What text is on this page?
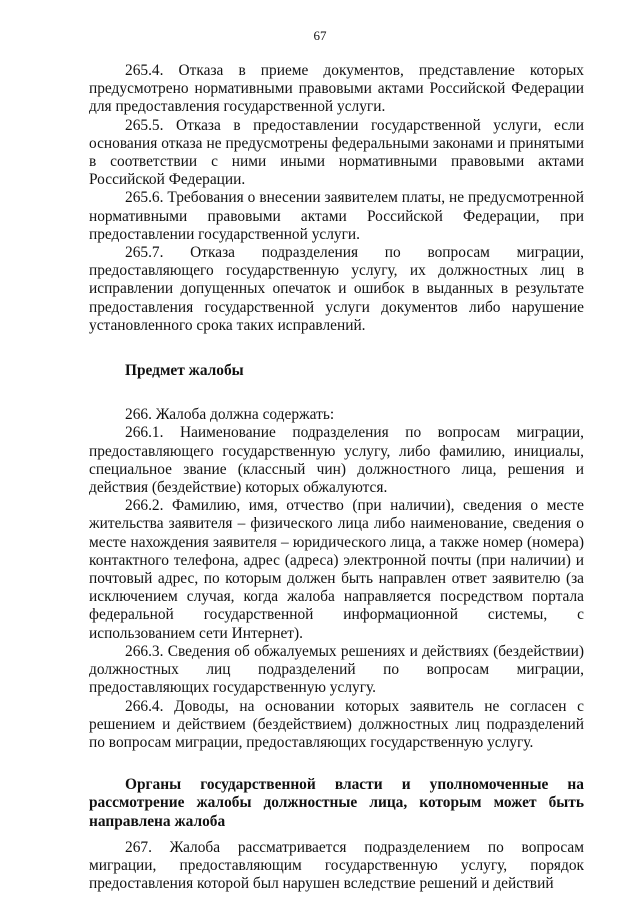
67

265.4. Отказа в приеме документов, представление которых предусмотрено нормативными правовыми актами Российской Федерации для предоставления государственной услуги.

265.5. Отказа в предоставлении государственной услуги, если основания отказа не предусмотрены федеральными законами и принятыми в соответствии с ними иными нормативными правовыми актами Российской Федерации.

265.6. Требования о внесении заявителем платы, не предусмотренной нормативными правовыми актами Российской Федерации, при предоставлении государственной услуги.

265.7. Отказа подразделения по вопросам миграции, предоставляющего государственную услугу, их должностных лиц в исправлении допущенных опечаток и ошибок в выданных в результате предоставления государственной услуги документов либо нарушение установленного срока таких исправлений.

Предмет жалобы

266. Жалоба должна содержать:

266.1. Наименование подразделения по вопросам миграции, предоставляющего государственную услугу, либо фамилию, инициалы, специальное звание (классный чин) должностного лица, решения и действия (бездействие) которых обжалуются.

266.2. Фамилию, имя, отчество (при наличии), сведения о месте жительства заявителя – физического лица либо наименование, сведения о месте нахождения заявителя – юридического лица, а также номер (номера) контактного телефона, адрес (адреса) электронной почты (при наличии) и почтовый адрес, по которым должен быть направлен ответ заявителю (за исключением случая, когда жалоба направляется посредством портала федеральной государственной информационной системы, с использованием сети Интернет).

266.3. Сведения об обжалуемых решениях и действиях (бездействии) должностных лиц подразделений по вопросам миграции, предоставляющих государственную услугу.

266.4. Доводы, на основании которых заявитель не согласен с решением и действием (бездействием) должностных лиц подразделений по вопросам миграции, предоставляющих государственную услугу.

Органы государственной власти и уполномоченные на
рассмотрение жалобы должностные лица, которым может быть
направлена жалоба

267. Жалоба рассматривается подразделением по вопросам миграции, предоставляющим государственную услугу, порядок предоставления которой был нарушен вследствие решений и действий
